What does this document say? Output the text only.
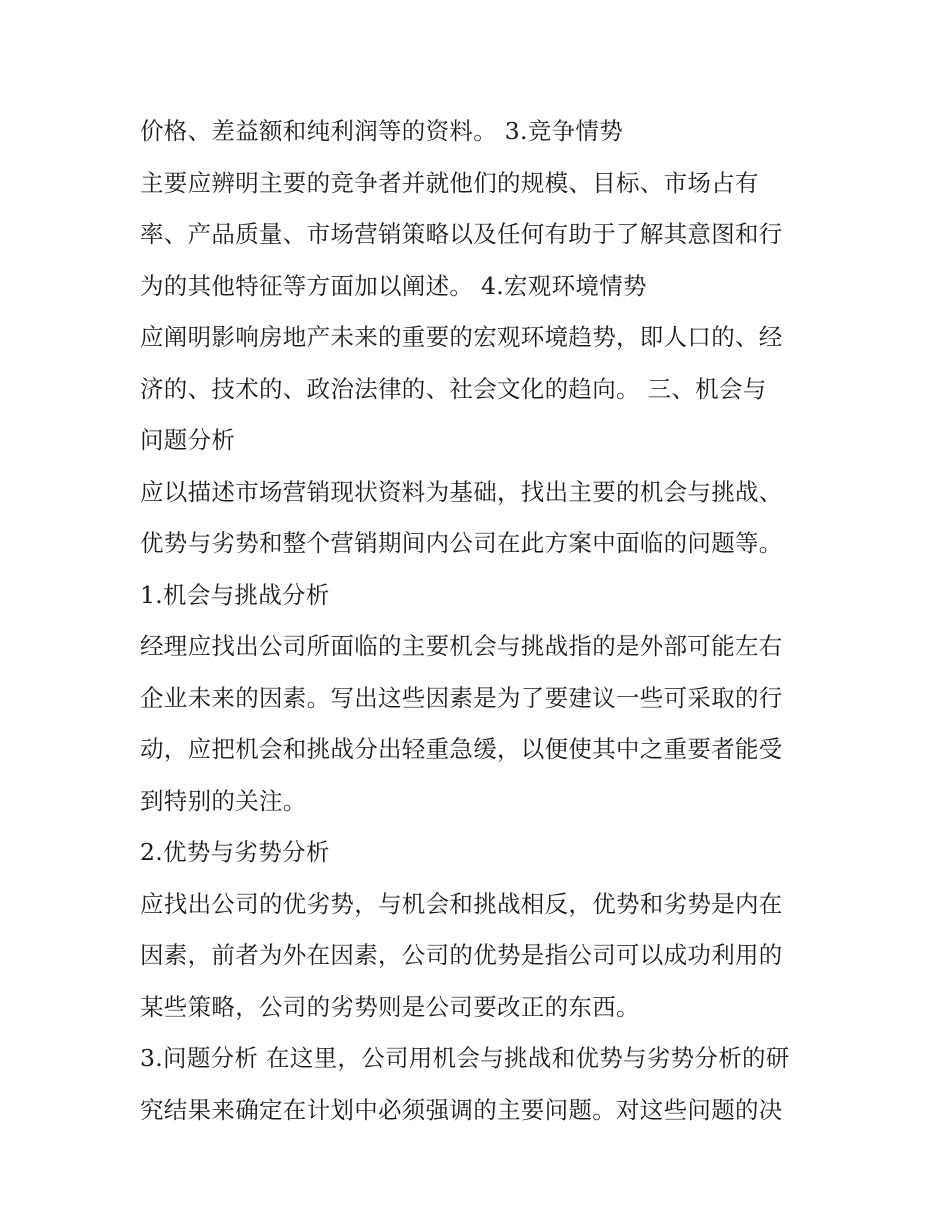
价格、差益额和纯利润等的资料。 3.竞争情势
主要应辨明主要的竞争者并就他们的规模、目标、市场占有
率、产品质量、市场营销策略以及任何有助于了解其意图和行
为的其他特征等方面加以阐述。 4.宏观环境情势
应阐明影响房地产未来的重要的宏观环境趋势，即人口的、经
济的、技术的、政治法律的、社会文化的趋向。 三、机会与
问题分析
应以描述市场营销现状资料为基础，找出主要的机会与挑战、
优势与劣势和整个营销期间内公司在此方案中面临的问题等。
1.机会与挑战分析
经理应找出公司所面临的主要机会与挑战指的是外部可能左右
企业未来的因素。写出这些因素是为了要建议一些可采取的行
动，应把机会和挑战分出轻重急缓，以便使其中之重要者能受
到特别的关注。
2.优势与劣势分析
应找出公司的优劣势，与机会和挑战相反，优势和劣势是内在
因素，前者为外在因素，公司的优势是指公司可以成功利用的
某些策略，公司的劣势则是公司要改正的东西。
3.问题分析 在这里，公司用机会与挑战和优势与劣势分析的研
究结果来确定在计划中必须强调的主要问题。对这些问题的决
